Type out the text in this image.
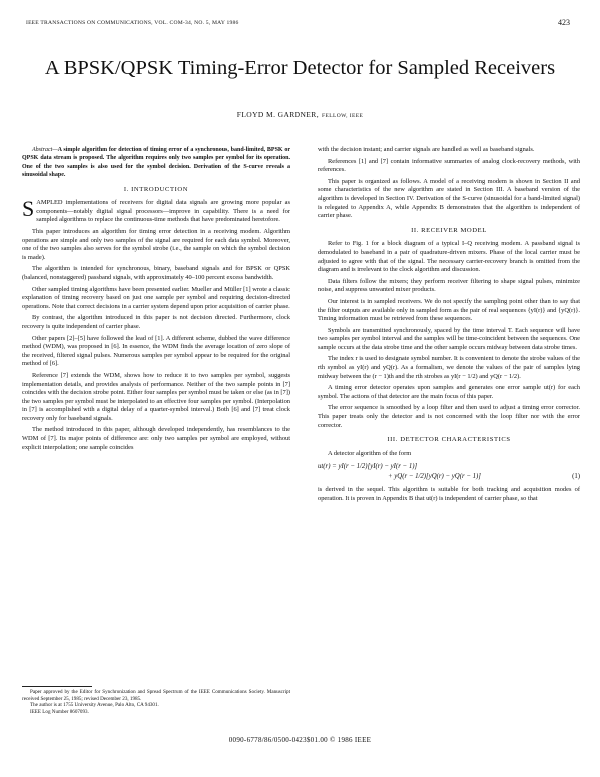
IEEE TRANSACTIONS ON COMMUNICATIONS, VOL. COM-34, NO. 5, MAY 1986	423
A BPSK/QPSK Timing-Error Detector for Sampled Receivers
FLOYD M. GARDNER, FELLOW, IEEE

Abstract—A simple algorithm for detection of timing error of a synchronous, band-limited, BPSK or QPSK data stream is proposed. The algorithm requires only two samples per symbol for its operation. One of the two samples is also used for the symbol decision. Derivation of the S-curve reveals a sinusoidal shape.

I. INTRODUCTION

SAMPLED implementations of receivers for digital data signals are growing more popular as components—notably digital signal processors—improve in capability. There is a need for sampled algorithms to replace the continuous-time methods that have predominated heretofore.

This paper introduces an algorithm for timing error detection in a receiving modem. Algorithm operations are simple and only two samples of the signal are required for each data symbol. Moreover, one of the two samples also serves for the symbol strobe (i.e., the sample on which the symbol decision is made).

The algorithm is intended for synchronous, binary, baseband signals and for BPSK or QPSK (balanced, nonstaggered) passband signals, with approximately 40–100 percent excess bandwidth.

Other sampled timing algorithms have been presented earlier. Mueller and Müller [1] wrote a classic explanation of timing recovery based on just one sample per symbol and requiring decision-directed operations. Note that correct decisions in a carrier system depend upon prior acquisition of carrier phase.

By contrast, the algorithm introduced in this paper is not decision directed. Furthermore, clock recovery is quite independent of carrier phase.

Other papers [2]–[5] have followed the lead of [1]. A different scheme, dubbed the wave difference method (WDM), was proposed in [6]. In essence, the WDM finds the average location of zero slope of the received, filtered signal pulses. Numerous samples per symbol appear to be required for the original method of [6].

Reference [7] extends the WDM, shows how to reduce it to two samples per symbol, suggests implementation details, and provides analysis of performance. Neither of the two sample points in [7] coincides with the decision strobe point. Either four samples per symbol must be taken or else (as in [7]) the two samples per symbol must be interpolated to an effective four samples per symbol. (Interpolation in [7] is accomplished with a digital delay of a quarter-symbol interval.) Both [6] and [7] treat clock recovery only for baseband signals.

The method introduced in this paper, although developed independently, has resemblances to the WDM of [7]. Its major points of difference are: only two samples per symbol are employed, without explicit interpolation; one sample coincides

Paper approved by the Editor for Synchronization and Spread Spectrum of the IEEE Communications Society. Manuscript received September 25, 1985; revised December 23, 1985.

The author is at 1755 University Avenue, Palo Alto, CA 94301.

IEEE Log Number 8607093.

with the decision instant; and carrier signals are handled as well as baseband signals.

References [1] and [7] contain informative summaries of analog clock-recovery methods, with references.

This paper is organized as follows. A model of a receiving modem is shown in Section II and some characteristics of the new algorithm are stated in Section III. A baseband version of the algorithm is developed in Section IV. Derivation of the S-curve (sinusoidal for a band-limited signal) is relegated to Appendix A, while Appendix B demonstrates that the algorithm is independent of carrier phase.

II. RECEIVER MODEL

Refer to Fig. 1 for a block diagram of a typical I–Q receiving modem. A passband signal is demodulated to baseband in a pair of quadrature-driven mixers. Phase of the local carrier must be adjusted to agree with that of the signal. The necessary carrier-recovery branch is omitted from the diagram and is irrelevant to the clock algorithm and discussion.

Data filters follow the mixers; they perform receiver filtering to shape signal pulses, minimize noise, and suppress unwanted mixer products.

Our interest is in sampled receivers. We do not specify the sampling point other than to say that the filter outputs are available only in sampled form as the pair of real sequences {yI(r)} and {yQ(r)}. Timing information must be retrieved from these sequences.

Symbols are transmitted synchronously, spaced by the time interval T. Each sequence will have two samples per symbol interval and the samples will be time-coincident between the sequences. One sample occurs at the data strobe time and the other sample occurs midway between data strobe times.

The index r is used to designate symbol number. It is convenient to denote the strobe values of the rth symbol as yI(r) and yQ(r). As a formalism, we denote the values of the pair of samples lying midway between the (r − 1)th and the rth strobes as yI(r − 1/2) and yQ(r − 1/2).

A timing error detector operates upon samples and generates one error sample ut(r) for each symbol. The actions of that detector are the main focus of this paper.

The error sequence is smoothed by a loop filter and then used to adjust a timing error corrector. This paper treats only the detector and is not concerned with the loop filter nor with the error corrector.

III. DETECTOR CHARACTERISTICS

A detector algorithm of the form

ut(r) = yI(r − 1/2)[yI(r) − yI(r − 1)]
(1)
+ yQ(r − 1/2)[yQ(r) − yQ(r − 1)]

is derived in the sequel. This algorithm is suitable for both tracking and acquisition modes of operation. It is proven in Appendix B that ut(r) is independent of carrier phase, so that

0090-6778/86/0500-0423$01.00 © 1986 IEEE
